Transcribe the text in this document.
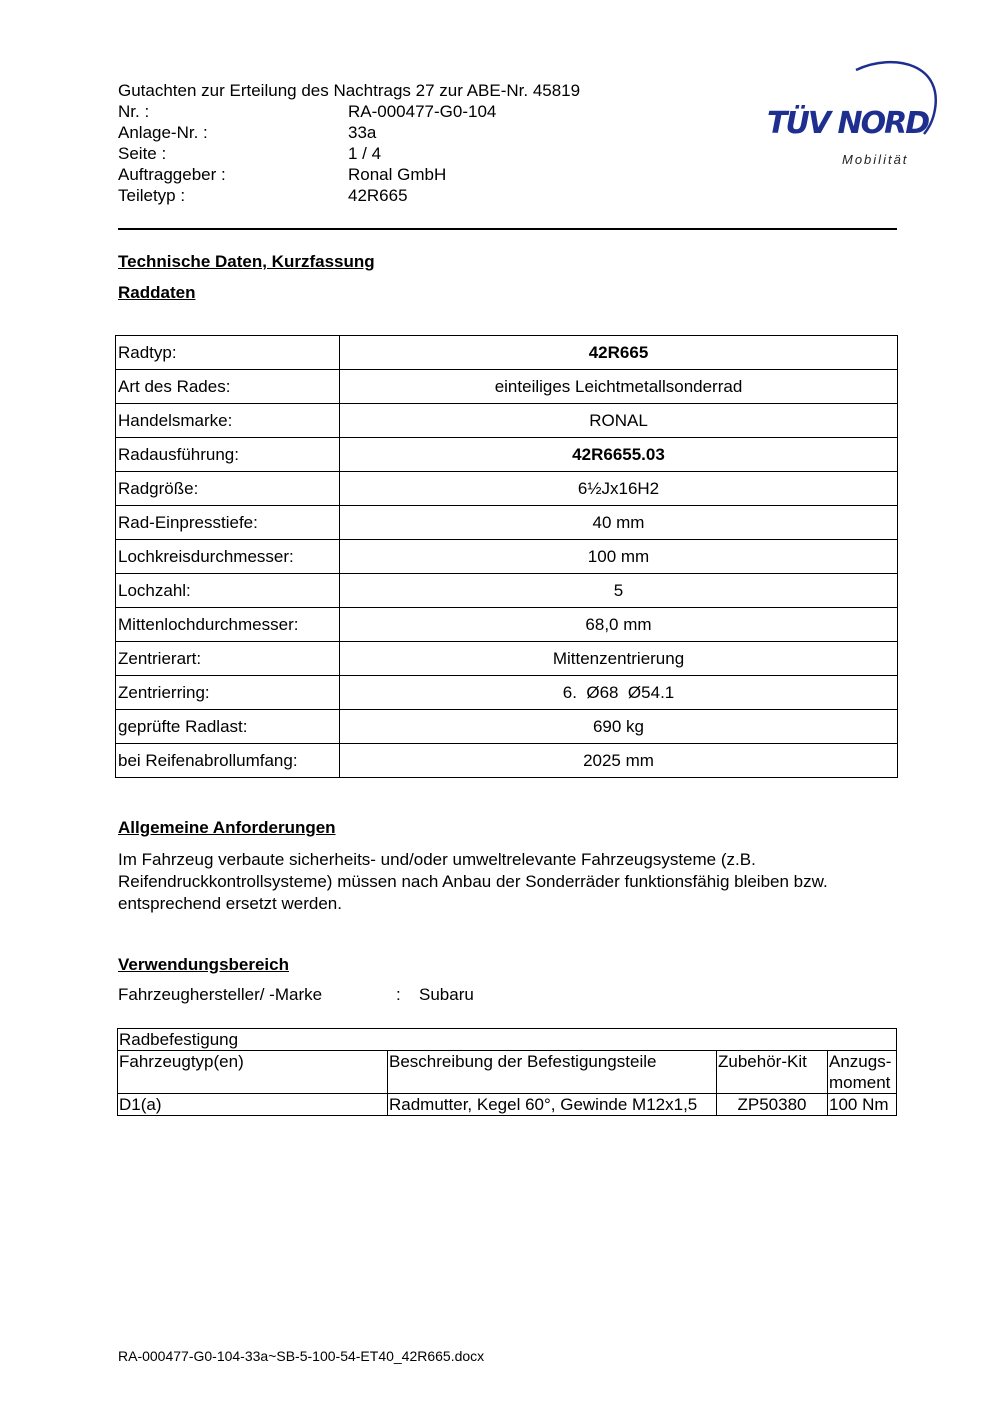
Gutachten zur Erteilung des Nachtrags 27 zur ABE-Nr. 45819
Nr. :	RA-000477-G0-104
Anlage-Nr. :	33a
Seite :	1 / 4
Auftraggeber :	Ronal GmbH
Teiletyp :	42R665
TÜV NORD
Mobilität
Technische Daten, Kurzfassung
Raddaten
Radtyp:	42R665
Art des Rades:	einteiliges Leichtmetallsonderrad
Handelsmarke:	RONAL
Radausführung:	42R6655.03
Radgröße:	6½Jx16H2
Rad-Einpresstiefe:	40 mm
Lochkreisdurchmesser:	100 mm
Lochzahl:	5
Mittenlochdurchmesser:	68,0 mm
Zentrierart:	Mittenzentrierung
Zentrierring:	6.  Ø68  Ø54.1
geprüfte Radlast:	690 kg
bei Reifenabrollumfang:	2025 mm
Allgemeine Anforderungen
Im Fahrzeug verbaute sicherheits- und/oder umweltrelevante Fahrzeugsysteme (z.B. Reifendruckkontrollsysteme) müssen nach Anbau der Sonderräder funktionsfähig bleiben bzw. entsprechend ersetzt werden.
Verwendungsbereich
Fahrzeughersteller/ -Marke	:	Subaru
Radbefestigung			
Fahrzeugtyp(en)	Beschreibung der Befestigungsteile	Zubehör-Kit	Anzugs-moment
D1(a)	Radmutter, Kegel 60°, Gewinde M12x1,5	ZP50380	100 Nm
RA-000477-G0-104-33a~SB-5-100-54-ET40_42R665.docx
